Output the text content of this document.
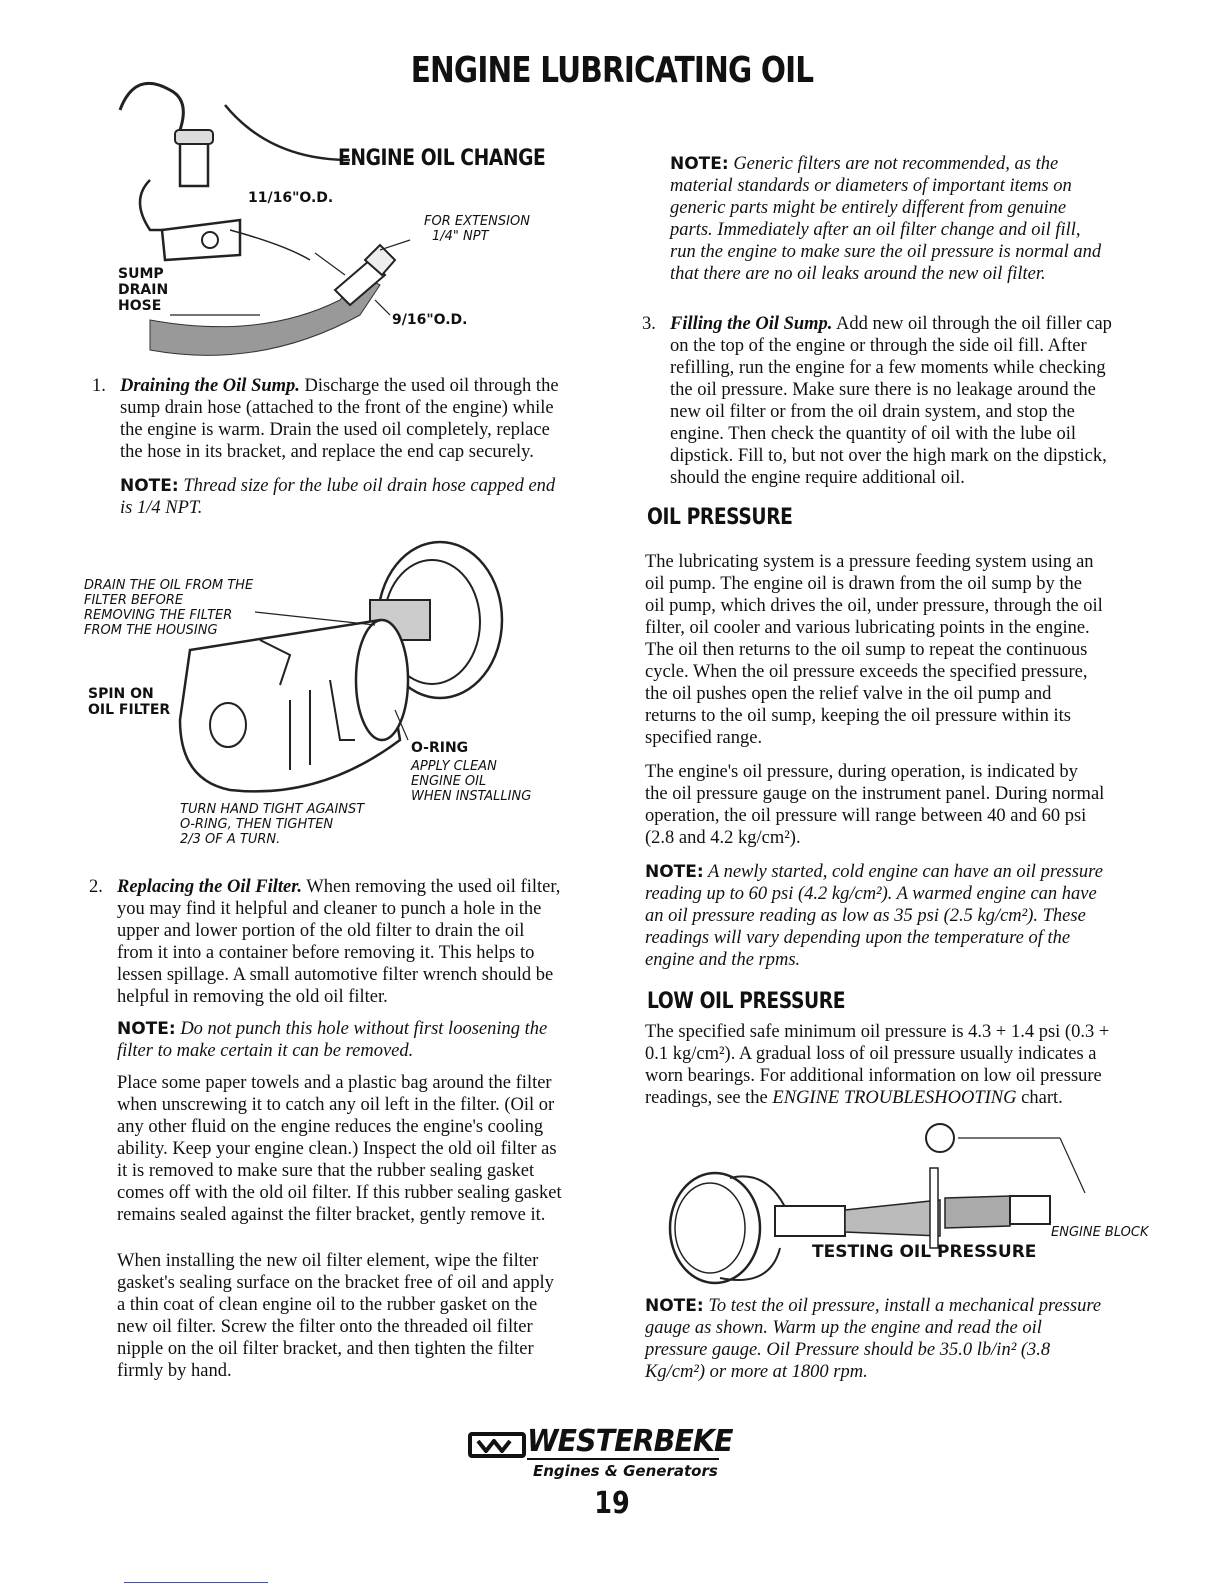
ENGINE LUBRICATING OIL
ENGINE OIL CHANGE
SUMP
DRAIN
HOSE
11/16"O.D.
FOR EXTENSION
1/4" NPT
9/16"O.D.
1. Draining the Oil Sump. Discharge the used oil through the sump drain hose (attached to the front of the engine) while the engine is warm. Drain the used oil completely, replace the hose in its bracket, and replace the end cap securely.

NOTE: Thread size for the lube oil drain hose capped end is 1/4 NPT.

DRAIN THE OIL FROM THE
FILTER BEFORE
REMOVING THE FILTER
FROM THE HOUSING
SPIN ON
OIL FILTER
O-RING
APPLY CLEAN
ENGINE OIL
WHEN INSTALLING
TURN HAND TIGHT AGAINST
O-RING, THEN TIGHTEN
2/3 OF A TURN.
2. Replacing the Oil Filter. When removing the used oil filter, you may find it helpful and cleaner to punch a hole in the upper and lower portion of the old filter to drain the oil from it into a container before removing it. This helps to lessen spillage. A small automotive filter wrench should be helpful in removing the old oil filter.

NOTE: Do not punch this hole without first loosening the filter to make certain it can be removed.

Place some paper towels and a plastic bag around the filter when unscrewing it to catch any oil left in the filter. (Oil or any other fluid on the engine reduces the engine's cooling ability. Keep your engine clean.) Inspect the old oil filter as it is removed to make sure that the rubber sealing gasket comes off with the old oil filter. If this rubber sealing gasket remains sealed against the filter bracket, gently remove it.

When installing the new oil filter element, wipe the filter gasket's sealing surface on the bracket free of oil and apply a thin coat of clean engine oil to the rubber gasket on the new oil filter. Screw the filter onto the threaded oil filter nipple on the oil filter bracket, and then tighten the filter firmly by hand.

NOTE: Generic filters are not recommended, as the material standards or diameters of important items on generic parts might be entirely different from genuine parts. Immediately after an oil filter change and oil fill, run the engine to make sure the oil pressure is normal and that there are no oil leaks around the new oil filter.

3. Filling the Oil Sump. Add new oil through the oil filler cap on the top of the engine or through the side oil fill. After refilling, run the engine for a few moments while checking the oil pressure. Make sure there is no leakage around the new oil filter or from the oil drain system, and stop the engine. Then check the quantity of oil with the lube oil dipstick. Fill to, but not over the high mark on the dipstick, should the engine require additional oil.

OIL PRESSURE

The lubricating system is a pressure feeding system using an oil pump. The engine oil is drawn from the oil sump by the oil pump, which drives the oil, under pressure, through the oil filter, oil cooler and various lubricating points in the engine. The oil then returns to the oil sump to repeat the continuous cycle. When the oil pressure exceeds the specified pressure, the oil pushes open the relief valve in the oil pump and returns to the oil sump, keeping the oil pressure within its specified range.

The engine's oil pressure, during operation, is indicated by the oil pressure gauge on the instrument panel. During normal operation, the oil pressure will range between 40 and 60 psi (2.8 and 4.2 kg/cm²).

NOTE: A newly started, cold engine can have an oil pressure reading up to 60 psi (4.2 kg/cm²). A warmed engine can have an oil pressure reading as low as 35 psi (2.5 kg/cm²). These readings will vary depending upon the temperature of the engine and the rpms.

LOW OIL PRESSURE

The specified safe minimum oil pressure is 4.3 + 1.4 psi (0.3 + 0.1 kg/cm²). A gradual loss of oil pressure usually indicates a worn bearings. For additional information on low oil pressure readings, see the ENGINE TROUBLESHOOTING chart.

ENGINE BLOCK
TESTING OIL PRESSURE

NOTE: To test the oil pressure, install a mechanical pressure gauge as shown. Warm up the engine and read the oil pressure gauge. Oil Pressure should be 35.0 lb/in² (3.8 Kg/cm²) or more at 1800 rpm.

WESTERBEKE
Engines & Generators
19
